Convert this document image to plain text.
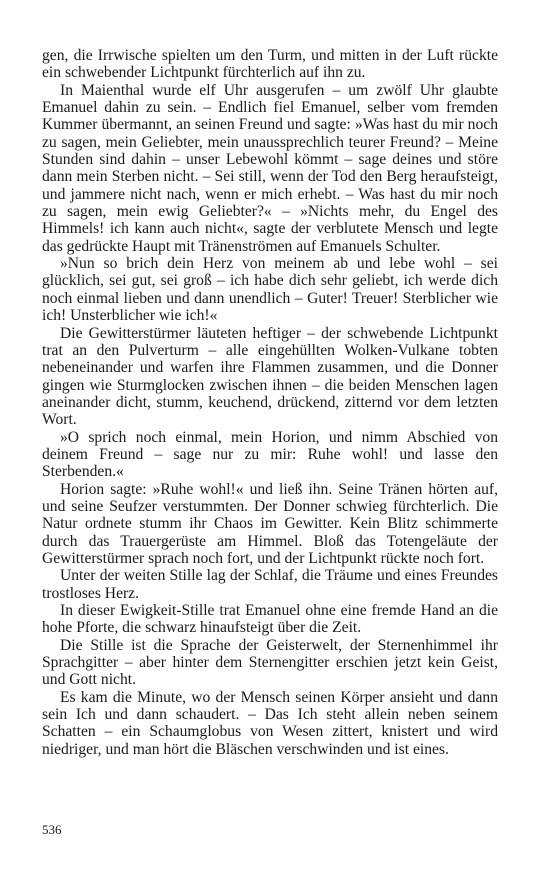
gen, die Irrwische spielten um den Turm, und mitten in der Luft rückte ein schwebender Lichtpunkt fürchterlich auf ihn zu.

In Maienthal wurde elf Uhr ausgerufen – um zwölf Uhr glaubte Emanuel dahin zu sein. – Endlich fiel Emanuel, selber vom fremden Kummer übermannt, an seinen Freund und sagte: »Was hast du mir noch zu sagen, mein Geliebter, mein unaussprechlich teurer Freund? – Meine Stunden sind dahin – unser Lebewohl kömmt – sage deines und störe dann mein Sterben nicht. – Sei still, wenn der Tod den Berg heraufsteigt, und jammere nicht nach, wenn er mich erhebt. – Was hast du mir noch zu sagen, mein ewig Geliebter?« – »Nichts mehr, du Engel des Himmels! ich kann auch nicht«, sagte der verblutete Mensch und legte das gedrückte Haupt mit Tränenströmen auf Emanuels Schulter.

»Nun so brich dein Herz von meinem ab und lebe wohl – sei glücklich, sei gut, sei groß – ich habe dich sehr geliebt, ich werde dich noch einmal lieben und dann unendlich – Guter! Treuer! Sterblicher wie ich! Unsterblicher wie ich!«

Die Gewitterstürmer läuteten heftiger – der schwebende Lichtpunkt trat an den Pulverturm – alle eingehüllten Wolken-Vulkane tobten nebeneinander und warfen ihre Flammen zusammen, und die Donner gingen wie Sturmglocken zwischen ihnen – die beiden Menschen lagen aneinander dicht, stumm, keuchend, drückend, zitternd vor dem letzten Wort.

»O sprich noch einmal, mein Horion, und nimm Abschied von deinem Freund – sage nur zu mir: Ruhe wohl! und lasse den Sterbenden.«

Horion sagte: »Ruhe wohl!« und ließ ihn. Seine Tränen hörten auf, und seine Seufzer verstummten. Der Donner schwieg fürchterlich. Die Natur ordnete stumm ihr Chaos im Gewitter. Kein Blitz schimmerte durch das Trauergerüste am Himmel. Bloß das Totengeläute der Gewitterstürmer sprach noch fort, und der Lichtpunkt rückte noch fort.

Unter der weiten Stille lag der Schlaf, die Träume und eines Freundes trostloses Herz.

In dieser Ewigkeit-Stille trat Emanuel ohne eine fremde Hand an die hohe Pforte, die schwarz hinaufsteigt über die Zeit.

Die Stille ist die Sprache der Geisterwelt, der Sternenhimmel ihr Sprachgitter – aber hinter dem Sternengitter erschien jetzt kein Geist, und Gott nicht.

Es kam die Minute, wo der Mensch seinen Körper ansieht und dann sein Ich und dann schaudert. – Das Ich steht allein neben seinem Schatten – ein Schaumglobus von Wesen zittert, knistert und wird niedriger, und man hört die Bläschen verschwinden und ist eines.

536
